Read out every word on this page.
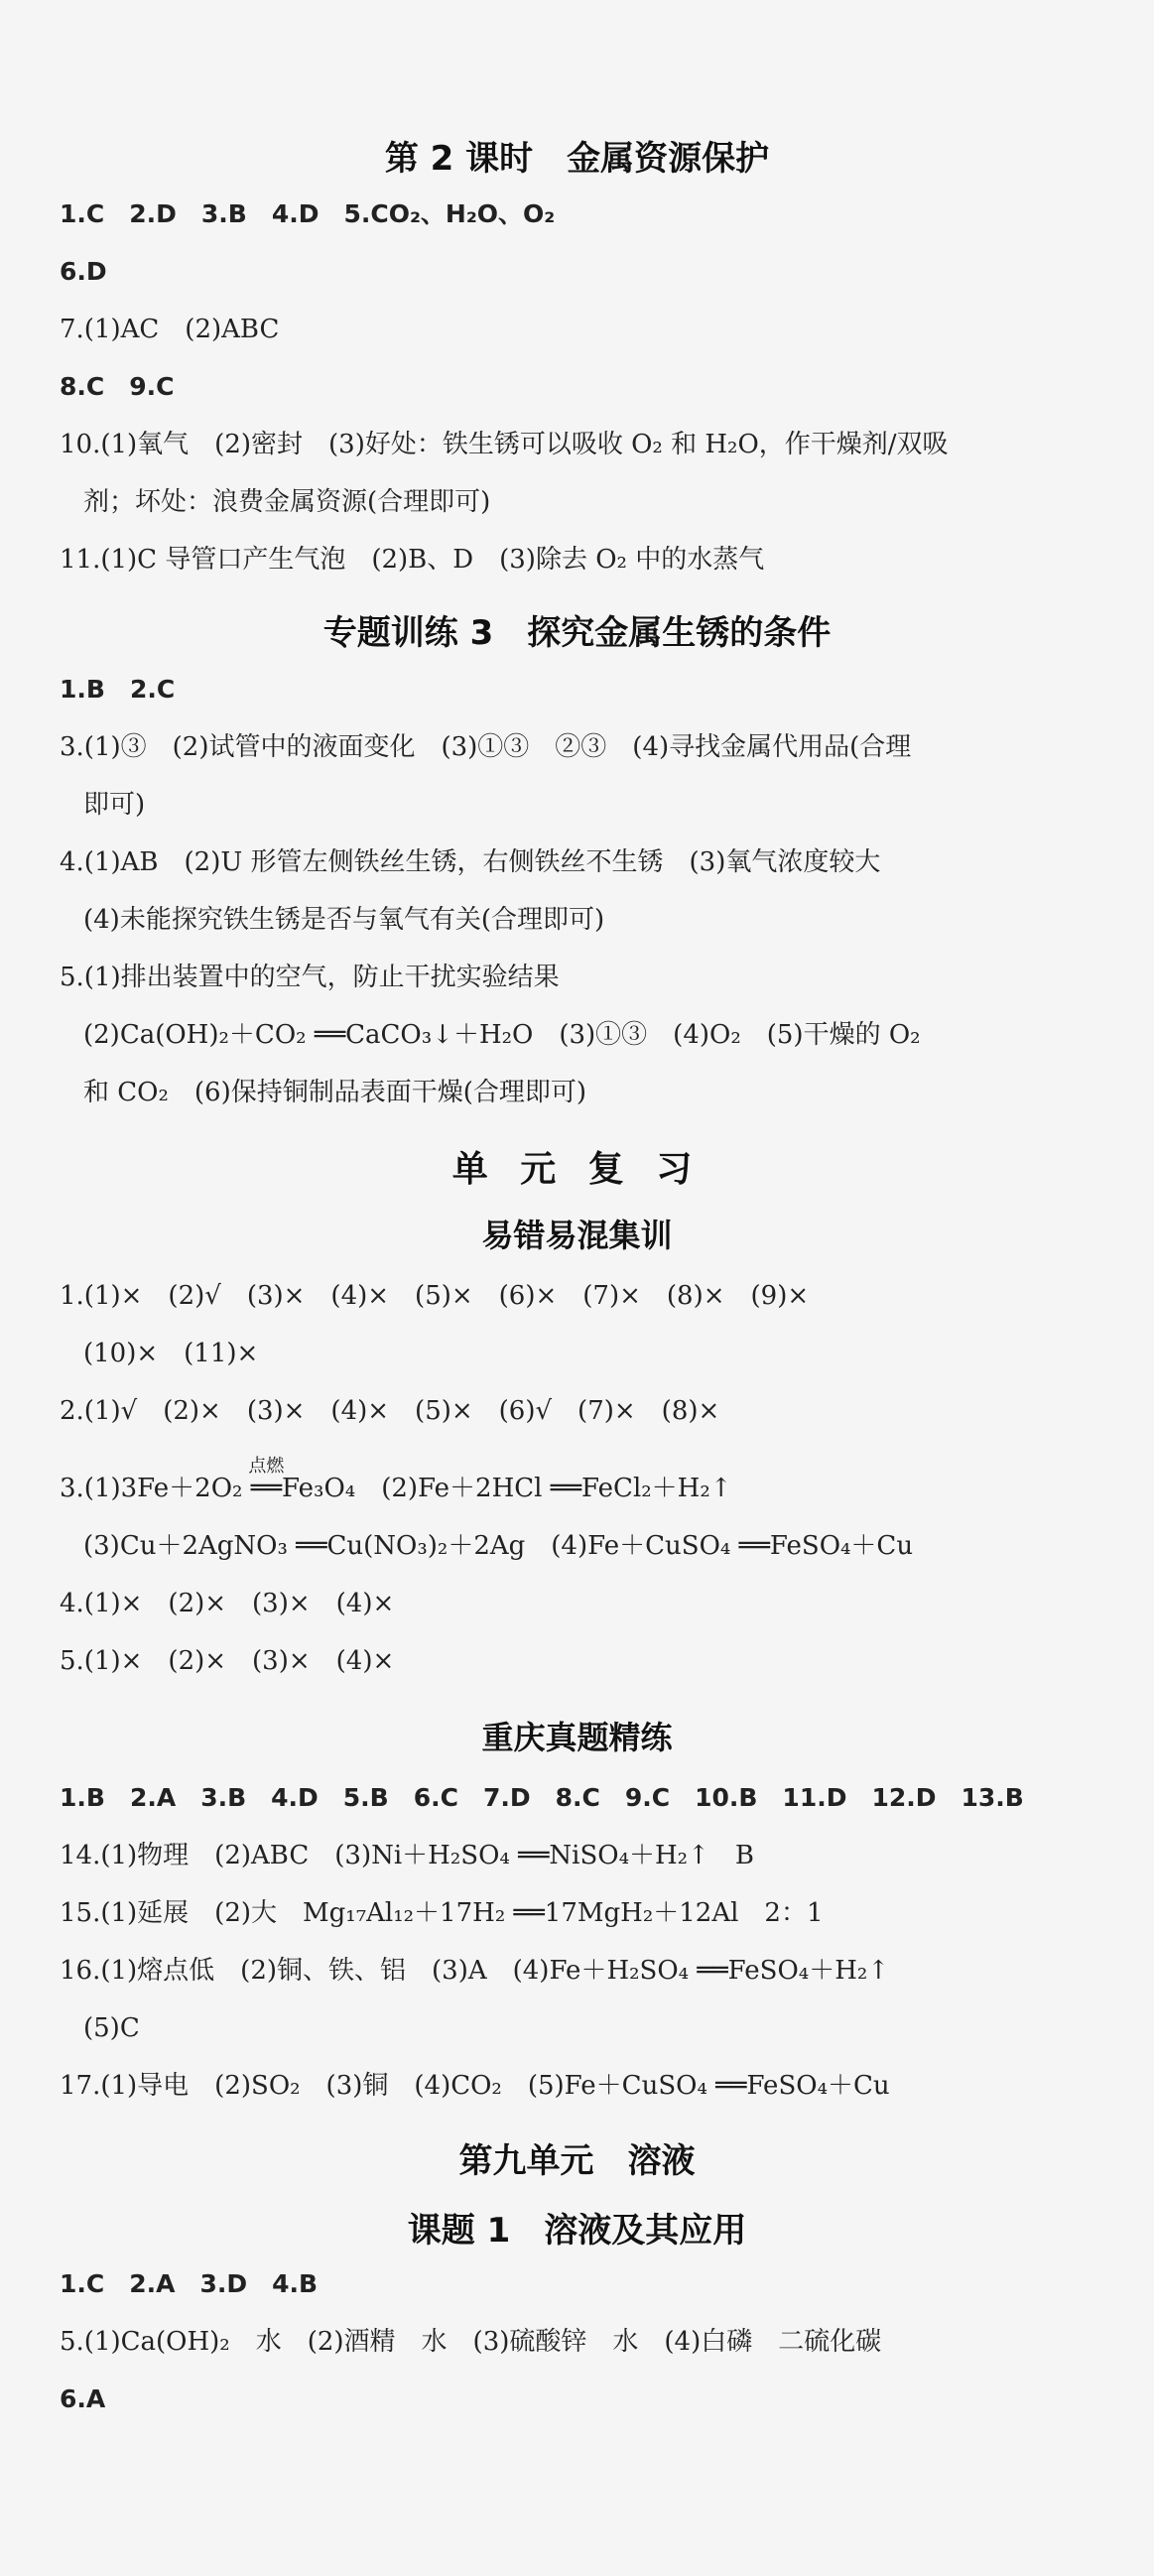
第 2 课时　金属资源保护
1.C　2.D　3.B　4.D　5.CO₂、H₂O、O₂
6.D
7.(1)AC　(2)ABC
8.C　9.C
10.(1)氧气　(2)密封　(3)好处：铁生锈可以吸收 O₂ 和 H₂O，作干燥剂/双吸
剂；坏处：浪费金属资源(合理即可)
11.(1)C 导管口产生气泡　(2)B、D　(3)除去 O₂ 中的水蒸气
专题训练 3　探究金属生锈的条件
1.B　2.C
3.(1)③　(2)试管中的液面变化　(3)①③　②③　(4)寻找金属代用品(合理
即可)
4.(1)AB　(2)U 形管左侧铁丝生锈，右侧铁丝不生锈　(3)氧气浓度较大
(4)未能探究铁生锈是否与氧气有关(合理即可)
5.(1)排出装置中的空气，防止干扰实验结果
(2)Ca(OH)₂＋CO₂ ══CaCO₃↓＋H₂O　(3)①③　(4)O₂　(5)干燥的 O₂
和 CO₂　(6)保持铜制品表面干燥(合理即可)
单 元 复 习
易错易混集训
1.(1)×　(2)√　(3)×　(4)×　(5)×　(6)×　(7)×　(8)×　(9)×
(10)×　(11)×
2.(1)√　(2)×　(3)×　(4)×　(5)×　(6)√　(7)×　(8)×
3.(1)3Fe＋2O₂
点燃
══Fe₃O₄　(2)Fe＋2HCl ══FeCl₂＋H₂↑
(3)Cu＋2AgNO₃ ══Cu(NO₃)₂＋2Ag　(4)Fe＋CuSO₄ ══FeSO₄＋Cu
4.(1)×　(2)×　(3)×　(4)×
5.(1)×　(2)×　(3)×　(4)×
重庆真题精练
1.B　2.A　3.B　4.D　5.B　6.C　7.D　8.C　9.C　10.B　11.D　12.D　13.B
14.(1)物理　(2)ABC　(3)Ni＋H₂SO₄ ══NiSO₄＋H₂↑　B
15.(1)延展　(2)大　Mg₁₇Al₁₂＋17H₂ ══17MgH₂＋12Al　2：1
16.(1)熔点低　(2)铜、铁、铝　(3)A　(4)Fe＋H₂SO₄ ══FeSO₄＋H₂↑
(5)C
17.(1)导电　(2)SO₂　(3)铜　(4)CO₂　(5)Fe＋CuSO₄ ══FeSO₄＋Cu
第九单元　溶液
课题 1　溶液及其应用
1.C　2.A　3.D　4.B
5.(1)Ca(OH)₂　水　(2)酒精　水　(3)硫酸锌　水　(4)白磷　二硫化碳
6.A
